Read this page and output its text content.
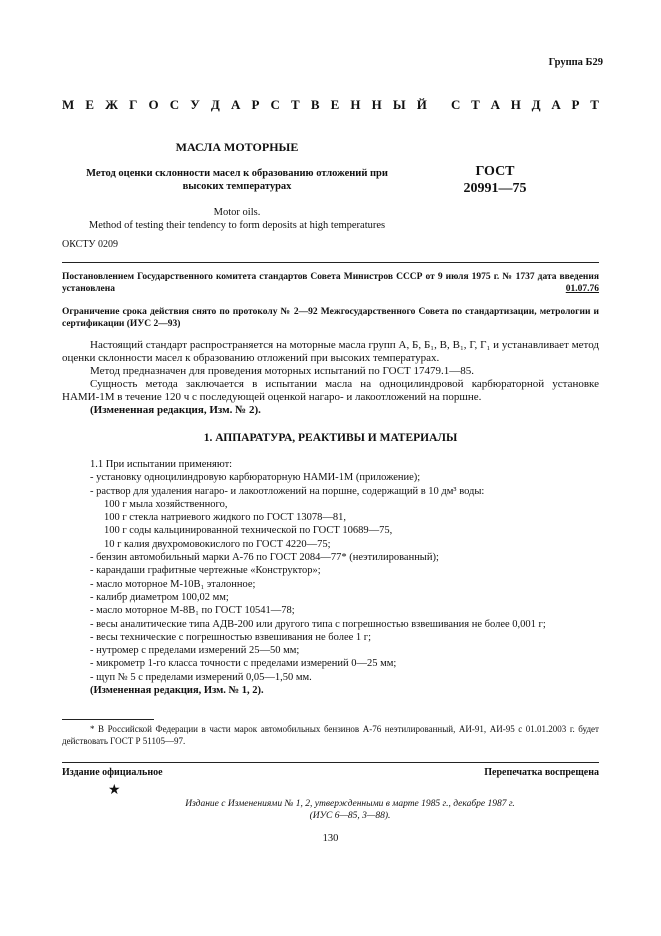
Группа Б29
М Е Ж Г О С У Д А Р С Т В Е Н Н Ы Й С Т А Н Д А Р Т
МАСЛА МОТОРНЫЕ
Метод оценки склонности масел к образованию отложений при
высоких температурах
ГОСТ
20991—75
Motor oils.
Method of testing their tendency to form deposits at high temperatures
ОКСТУ 0209
Постановлением Государственного комитета стандартов Совета Министров СССР от 9 июля 1975 г. № 1737 дата введения установлена	01.07.76
Ограничение срока действия снято по протоколу № 2—92 Межгосударственного Совета по стандартизации, метрологии и сертификации (ИУС 2—93)

Настоящий стандарт распространяется на моторные масла групп А, Б, Б₁, В, В₁, Г, Г₁ и устанавливает метод оценки склонности масел к образованию отложений при высоких температурах.

Метод предназначен для проведения моторных испытаний по ГОСТ 17479.1—85.

Сущность метода заключается в испытании масла на одноцилиндровой карбюраторной установке НАМИ-1М в течение 120 ч с последующей оценкой нагаро- и лакоотложений на поршне.

(Измененная редакция, Изм. № 2).

1. АППАРАТУРА, РЕАКТИВЫ И МАТЕРИАЛЫ
1.1 При испытании применяют:
- установку одноцилиндровую карбюраторную НАМИ-1М (приложение);
- раствор для удаления нагаро- и лакоотложений на поршне, содержащий в 10 дм³ воды:
100 г мыла хозяйственного,
100 г стекла натриевого жидкого по ГОСТ 13078—81,
100 г соды кальцинированной технической по ГОСТ 10689—75,
10 г калия двухромовокислого по ГОСТ 4220—75;
- бензин автомобильный марки А-76 по ГОСТ 2084—77* (неэтилированный);
- карандаши графитные чертежные «Конструктор»;
- масло моторное М-10В₁ эталонное;
- калибр диаметром 100,02 мм;
- масло моторное М-8В₁ по ГОСТ 10541—78;
- весы аналитические типа АДВ-200 или другого типа с погрешностью взвешивания не более 0,001 г;
- весы технические с погрешностью взвешивания не более 1 г;
- нутромер с пределами измерений 25—50 мм;
- микрометр 1-го класса точности с пределами измерений 0—25 мм;
- щуп № 5 с пределами измерений 0,05—1,50 мм.
(Измененная редакция, Изм. № 1, 2).

* В Российской Федерации в части марок автомобильных бензинов А-76 неэтилированный, АИ-91, АИ-95 с 01.01.2003 г. будет действовать ГОСТ Р 51105—97.

Издание официальное	Перепечатка воспрещена
★
Издание с Изменениями № 1, 2, утвержденными в марте 1985 г., декабре 1987 г.
(ИУС 6—85, 3—88).
130
